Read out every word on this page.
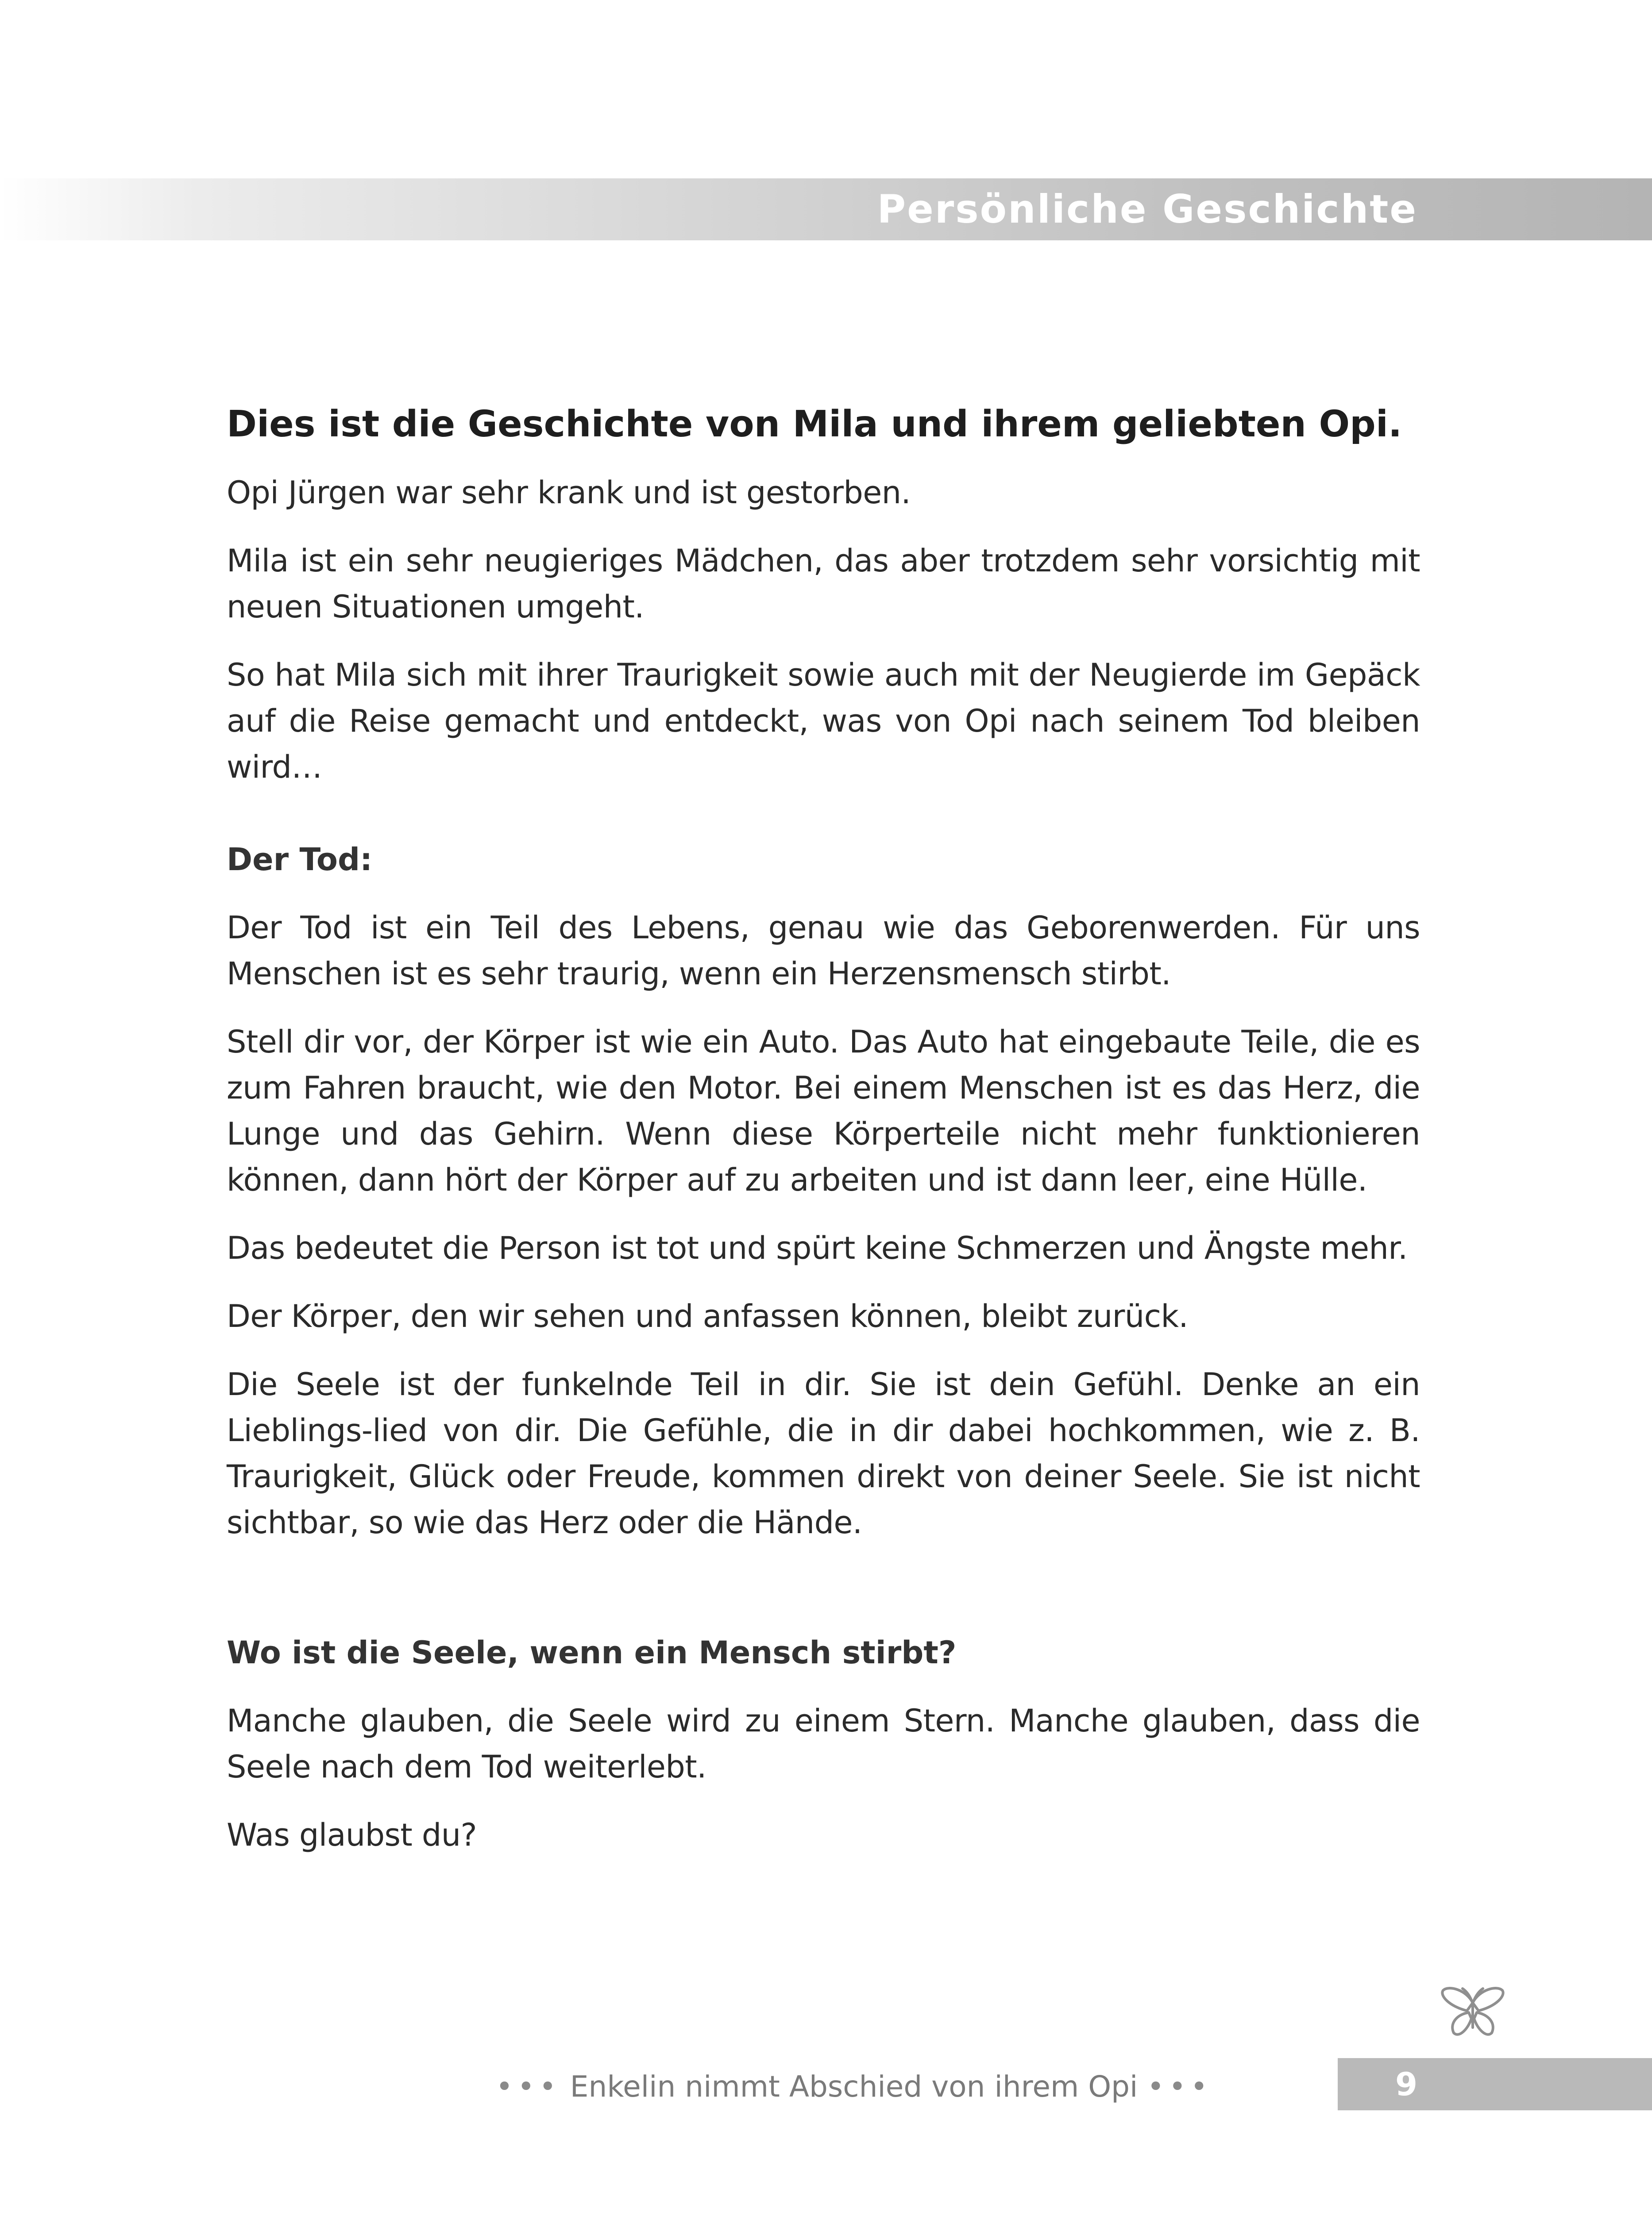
Persönliche Geschichte
Dies ist die Geschichte von Mila und ihrem geliebten Opi.

Opi Jürgen war sehr krank und ist gestorben.

Mila ist ein sehr neugieriges Mädchen, das aber trotzdem sehr vorsichtig mit neuen Situationen umgeht.

So hat Mila sich mit ihrer Traurigkeit sowie auch mit der Neugierde im Gepäck auf die Reise gemacht und entdeckt, was von Opi nach seinem Tod bleiben wird…

Der Tod:

Der Tod ist ein Teil des Lebens, genau wie das Geborenwerden. Für uns Menschen ist es sehr traurig, wenn ein Herzensmensch stirbt.

Stell dir vor, der Körper ist wie ein Auto. Das Auto hat eingebaute Teile, die es zum Fahren braucht, wie den Motor. Bei einem Menschen ist es das Herz, die Lunge und das Gehirn. Wenn diese Körperteile nicht mehr funktionieren können, dann hört der Körper auf zu arbeiten und ist dann leer, eine Hülle.

Das bedeutet die Person ist tot und spürt keine Schmerzen und Ängste mehr.

Der Körper, den wir sehen und anfassen können, bleibt zurück.

Die Seele ist der funkelnde Teil in dir. Sie ist dein Gefühl. Denke an ein Lieblings-lied von dir. Die Gefühle, die in dir dabei hochkommen, wie z. B. Traurigkeit, Glück oder Freude, kommen direkt von deiner Seele. Sie ist nicht sichtbar, so wie das Herz oder die Hände.

Wo ist die Seele, wenn ein Mensch stirbt?

Manche glauben, die Seele wird zu einem Stern. Manche glauben, dass die Seele nach dem Tod weiterlebt.

Was glaubst du?

••• Enkelin nimmt Abschied von ihrem Opi •••	9
